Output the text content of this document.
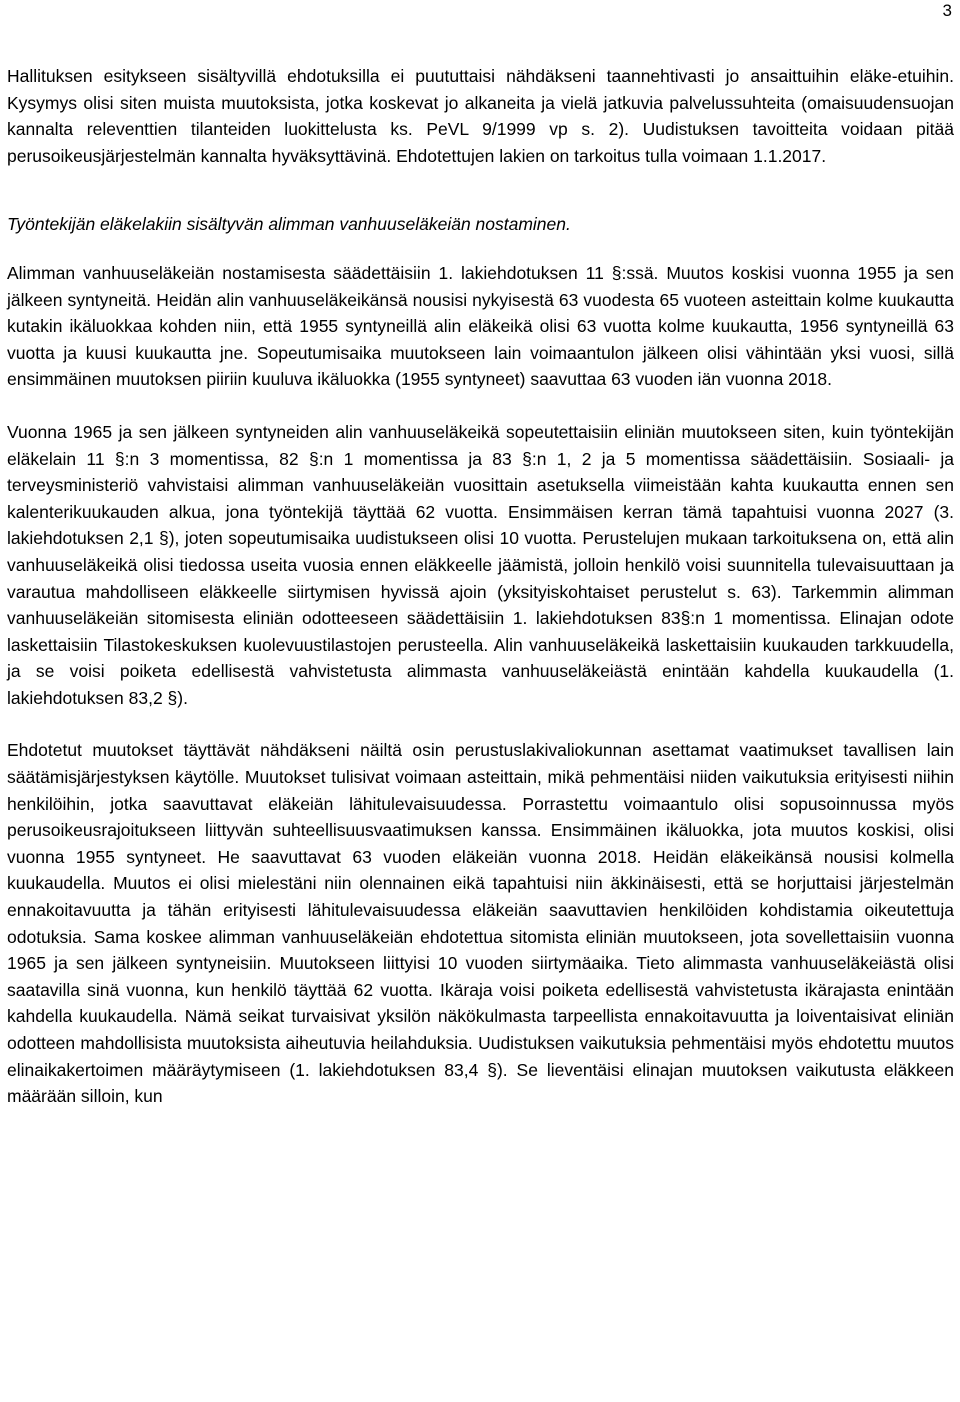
3

Hallituksen esitykseen sisältyvillä ehdotuksilla ei puututtaisi nähdäkseni taannehtivasti jo ansaittuihin eläke-etuihin. Kysymys olisi siten muista muutoksista, jotka koskevat jo alkaneita ja vielä jatkuvia palvelussuhteita (omaisuudensuojan kannalta releventtien tilanteiden luokittelusta ks. PeVL 9/1999 vp s. 2). Uudistuksen tavoitteita voidaan pitää perusoikeusjärjestelmän kannalta hyväksyttävinä. Ehdotettujen lakien on tarkoitus tulla voimaan 1.1.2017.

Työntekijän eläkelakiin sisältyvän alimman vanhuuseläkeiän nostaminen.

Alimman vanhuuseläkeiän nostamisesta säädettäisiin 1. lakiehdotuksen 11 §:ssä. Muutos koskisi vuonna 1955 ja sen jälkeen syntyneitä. Heidän alin vanhuuseläkeikänsä nousisi nykyisestä 63 vuodesta 65 vuoteen asteittain kolme kuukautta kutakin ikäluokkaa kohden niin, että 1955 syntyneillä alin eläkeikä olisi 63 vuotta kolme kuukautta, 1956 syntyneillä 63 vuotta ja kuusi kuukautta jne. Sopeutumisaika muutokseen lain voimaantulon jälkeen olisi vähintään yksi vuosi, sillä ensimmäinen muutoksen piiriin kuuluva ikäluokka (1955 syntyneet) saavuttaa 63 vuoden iän vuonna 2018.

Vuonna 1965 ja sen jälkeen syntyneiden alin vanhuuseläkeikä sopeutettaisiin eliniän muutokseen siten, kuin työntekijän eläkelain 11 §:n 3 momentissa, 82 §:n 1 momentissa ja 83 §:n 1, 2 ja 5 momentissa säädettäisiin. Sosiaali- ja terveysministeriö vahvistaisi alimman vanhuuseläkeiän vuosittain asetuksella viimeistään kahta kuukautta ennen sen kalenterikuukauden alkua, jona työntekijä täyttää 62 vuotta. Ensimmäisen kerran tämä tapahtuisi vuonna 2027 (3. lakiehdotuksen 2,1 §), joten sopeutumisaika uudistukseen olisi 10 vuotta. Perustelujen mukaan tarkoituksena on, että alin vanhuuseläkeikä olisi tiedossa useita vuosia ennen eläkkeelle jäämistä, jolloin henkilö voisi suunnitella tulevaisuuttaan ja varautua mahdolliseen eläkkeelle siirtymisen hyvissä ajoin (yksityiskohtaiset perustelut s. 63). Tarkemmin alimman vanhuuseläkeiän sitomisesta eliniän odotteeseen säädettäisiin 1. lakiehdotuksen 83§:n 1 momentissa. Elinajan odote laskettaisiin Tilastokeskuksen kuolevuustilastojen perusteella. Alin vanhuuseläkeikä laskettaisiin kuukauden tarkkuudella, ja se voisi poiketa edellisestä vahvistetusta alimmasta vanhuuseläkeiästä enintään kahdella kuukaudella (1. lakiehdotuksen 83,2 §).

Ehdotetut muutokset täyttävät nähdäkseni näiltä osin perustuslakivaliokunnan asettamat vaatimukset tavallisen lain säätämisjärjestyksen käytölle. Muutokset tulisivat voimaan asteittain, mikä pehmentäisi niiden vaikutuksia erityisesti niihin henkilöihin, jotka saavuttavat eläkeiän lähitulevaisuudessa. Porrastettu voimaantulo olisi sopusoinnussa myös perusoikeusrajoitukseen liittyvän suhteellisuusvaatimuksen kanssa. Ensimmäinen ikäluokka, jota muutos koskisi, olisi vuonna 1955 syntyneet. He saavuttavat 63 vuoden eläkeiän vuonna 2018. Heidän eläkeikänsä nousisi kolmella kuukaudella. Muutos ei olisi mielestäni niin olennainen eikä tapahtuisi niin äkkinäisesti, että se horjuttaisi järjestelmän ennakoitavuutta ja tähän erityisesti lähitulevaisuudessa eläkeiän saavuttavien henkilöiden kohdistamia oikeutettuja odotuksia. Sama koskee alimman vanhuuseläkeiän ehdotettua sitomista eliniän muutokseen, jota sovellettaisiin vuonna 1965 ja sen jälkeen syntyneisiin. Muutokseen liittyisi 10 vuoden siirtymäaika. Tieto alimmasta vanhuuseläkeiästä olisi saatavilla sinä vuonna, kun henkilö täyttää 62 vuotta. Ikäraja voisi poiketa edellisestä vahvistetusta ikärajasta enintään kahdella kuukaudella. Nämä seikat turvaisivat yksilön näkökulmasta tarpeellista ennakoitavuutta ja loiventaisivat eliniän odotteen mahdollisista muutoksista aiheutuvia heilahduksia. Uudistuksen vaikutuksia pehmentäisi myös ehdotettu muutos elinaikakertoimen määräytymiseen (1. lakiehdotuksen 83,4 §). Se lieventäisi elinajan muutoksen vaikutusta eläkkeen määrään silloin, kun
